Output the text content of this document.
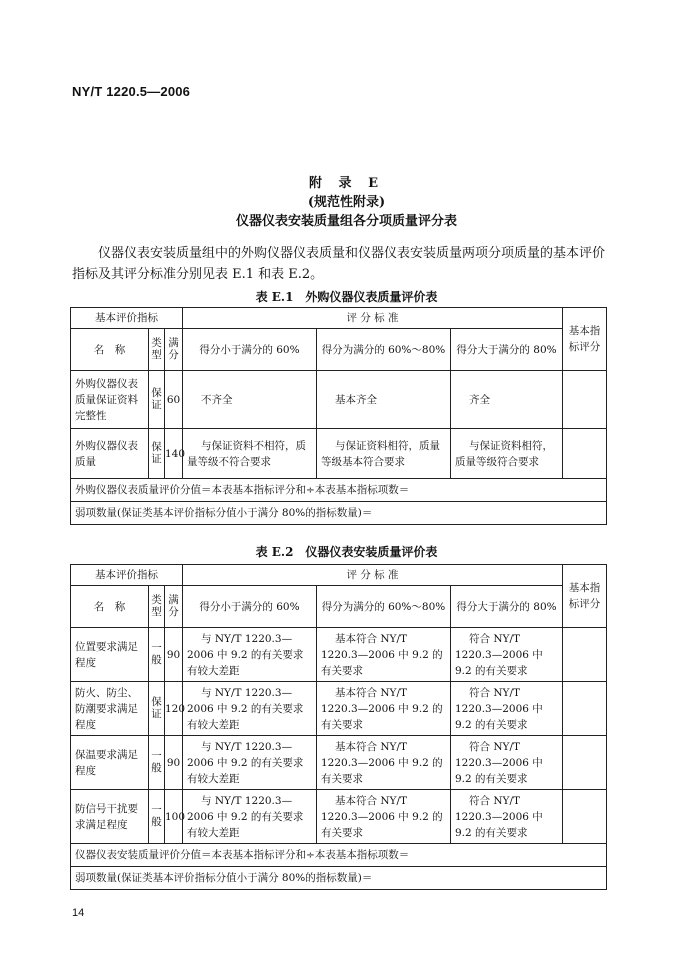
NY/T 1220.5—2006
附 录 E
(规范性附录)
仪器仪表安装质量组各分项质量评分表

仪器仪表安装质量组中的外购仪器仪表质量和仪器仪表安装质量两项分项质量的基本评价指标及其评分标准分别见表 E.1 和表 E.2。

表 E.1　外购仪器仪表质量评价表
基本评价指标			评 分 标 准			基本指标评分
名　称	类型	满分	得分小于满分的 60%	得分为满分的 60%～80%	得分大于满分的 80%	
外购仪器仪表质量保证资料完整性	保证	60	不齐全	基本齐全	齐全	
外购仪器仪表质量	保证	140	与保证资料不相符，质量等级不符合要求	与保证资料相符，质量等级基本符合要求	与保证资料相符，质量等级符合要求	
外购仪器仪表质量评价分值＝本表基本指标评分和÷本表基本指标项数＝						
弱项数量(保证类基本评价指标分值小于满分 80%的指标数量)＝						
表 E.2　仪器仪表安装质量评价表
基本评价指标			评 分 标 准			基本指标评分
名　称	类型	满分	得分小于满分的 60%	得分为满分的 60%～80%	得分大于满分的 80%	
位置要求满足程度	一般	90	与 NY/T 1220.3—2006 中 9.2 的有关要求有较大差距	基本符合 NY/T 1220.3—2006 中 9.2 的有关要求	符合 NY/T 1220.3—2006 中 9.2 的有关要求	
防火、防尘、防潮要求满足程度	保证	120	与 NY/T 1220.3—2006 中 9.2 的有关要求有较大差距	基本符合 NY/T 1220.3—2006 中 9.2 的有关要求	符合 NY/T 1220.3—2006 中 9.2 的有关要求	
保温要求满足程度	一般	90	与 NY/T 1220.3—2006 中 9.2 的有关要求有较大差距	基本符合 NY/T 1220.3—2006 中 9.2 的有关要求	符合 NY/T 1220.3—2006 中 9.2 的有关要求	
防信号干扰要求满足程度	一般	100	与 NY/T 1220.3—2006 中 9.2 的有关要求有较大差距	基本符合 NY/T 1220.3—2006 中 9.2 的有关要求	符合 NY/T 1220.3—2006 中 9.2 的有关要求	
仪器仪表安装质量评价分值＝本表基本指标评分和÷本表基本指标项数＝						
弱项数量(保证类基本评价指标分值小于满分 80%的指标数量)＝						
14
